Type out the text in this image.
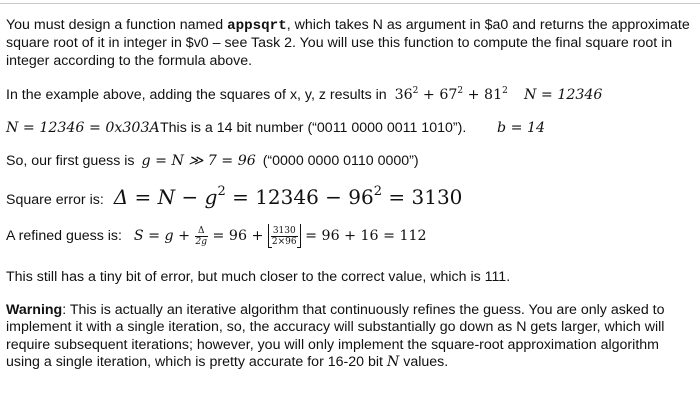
You must design a function named appsqrt, which takes N as argument in $a0 and returns the approximate square root of it in integer in $v0 – see Task 2. You will use this function to compute the final square root in integer according to the formula above.

In the example above, adding the squares of x, y, z results in $36^2 + 67^2 + 81^2$ N = 12346
N = 12346 = 0x303A This is a 14 bit number (“0011 0000 0011 1010”). b = 14
So, our first guess is g = N ≫ 7 = 96 (“0000 0000 0110 0000”)
Square error is: $\Delta = N - g^2 = 12346 - 96^2 = 3130$
A refined guess is: $S = g + \frac{\Delta}{2g} = 96 + \frac{3130}{2\times 96} = 96 + 16 = 112$
This still has a tiny bit of error, but much closer to the correct value, which is 111.

Warning: This is actually an iterative algorithm that continuously refines the guess. You are only asked to implement it with a single iteration, so, the accuracy will substantially go down as N gets larger, which will require subsequent iterations; however, you will only implement the square-root approximation algorithm using a single iteration, which is pretty accurate for 16-20 bit N values.
